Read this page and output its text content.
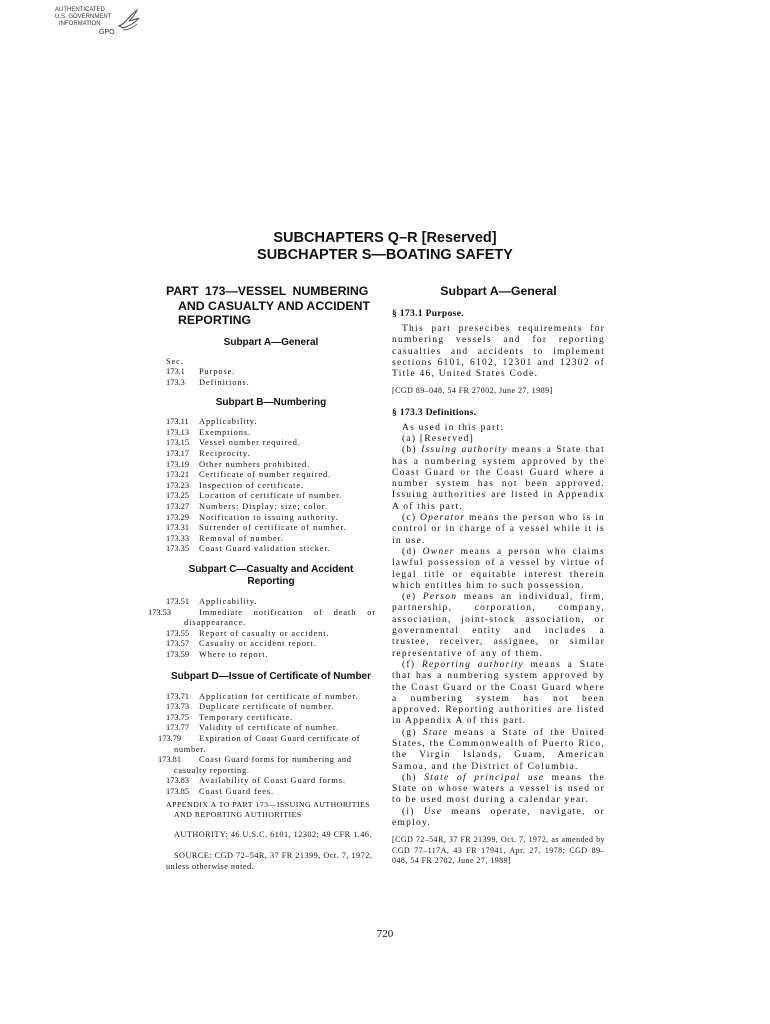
AUTHENTICATED
U.S. GOVERNMENT
INFORMATION
GPO
SUBCHAPTERS Q–R [Reserved]
SUBCHAPTER S—BOATING SAFETY
PART 173—VESSEL NUMBERING
AND CASUALTY AND ACCIDENT
REPORTING
Subpart A—General
Sec.
173.1 Purpose.
173.3 Definitions.
Subpart B—Numbering
173.11 Applicability.
173.13 Exemptions.
173.15 Vessel number required.
173.17 Reciprocity.
173.19 Other numbers prohibited.
173.21 Certificate of number required.
173.23 Inspection of certificate.
173.25 Location of certificate of number.
173.27 Numbers: Display; size; color.
173.29 Notification to issuing authority.
173.31 Surrender of certificate of number.
173.33 Removal of number.
173.35 Coast Guard validation sticker.
Subpart C—Casualty and Accident
Reporting
173.51 Applicability.
173.53	Immediate notification of death or disappearance.
173.55 Report of casualty or accident.
173.57 Casualty or accident report.
173.59 Where to report.
Subpart D—Issue of Certificate of Number
173.71 Application for certificate of number.
173.73 Duplicate certificate of number.
173.75 Temporary certificate.
173.77 Validity of certificate of number.
173.79 Expiration of Coast Guard certificate of number.
173.81 Coast Guard forms for numbering and casualty reporting.
173.83 Availability of Coast Guard forms.
173.85 Coast Guard fees.
APPENDIX A TO PART 173—ISSUING AUTHORITIES AND REPORTING AUTHORITIES
AUTHORITY: 46 U.S.C. 6101, 12302; 49 CFR 1.46.
SOURCE: CGD 72–54R, 37 FR 21399, Oct. 7, 1972, unless otherwise noted.
Subpart A—General
§ 173.1 Purpose.

This part presecibes requirements for numbering vessels and for reporting casualties and accidents to implement sections 6101, 6102, 12301 and 12302 of Title 46, United States Code.

[CGD 89–048, 54 FR 27002, June 27, 1989]
§ 173.3 Definitions.

As used in this part:

(a) [Reserved]

(b) Issuing authority means a State that has a numbering system approved by the Coast Guard or the Coast Guard where a number system has not been approved. Issuing authorities are listed in Appendix A of this part.

(c) Operator means the person who is in control or in charge of a vessel while it is in use.

(d) Owner means a person who claims lawful possession of a vessel by virtue of legal title or equitable interest therein which entitles him to such possession.

(e) Person means an individual, firm, partnership, corporation, company, association, joint-stock association, or governmental entity and includes a trustee, receiver, assignee, or similar representative of any of them.

(f) Reporting authority means a State that has a numbering system approved by the Coast Guard or the Coast Guard where a numbering system has not been approved. Reporting authorities are listed in Appendix A of this part.

(g) State means a State of the United States, the Commonwealth of Puerto Rico, the Virgin Islands, Guam, American Samoa, and the District of Columbia.

(h) State of principal use means the State on whose waters a vessel is used or to be used most during a calendar year.

(i) Use means operate, navigate, or employ.

[CGD 72–54R, 37 FR 21399, Oct. 7, 1972, as amended by CGD 77–117A, 43 FR 17941, Apr. 27, 1978; CGD 89–048, 54 FR 2702, June 27, 1989]
720
